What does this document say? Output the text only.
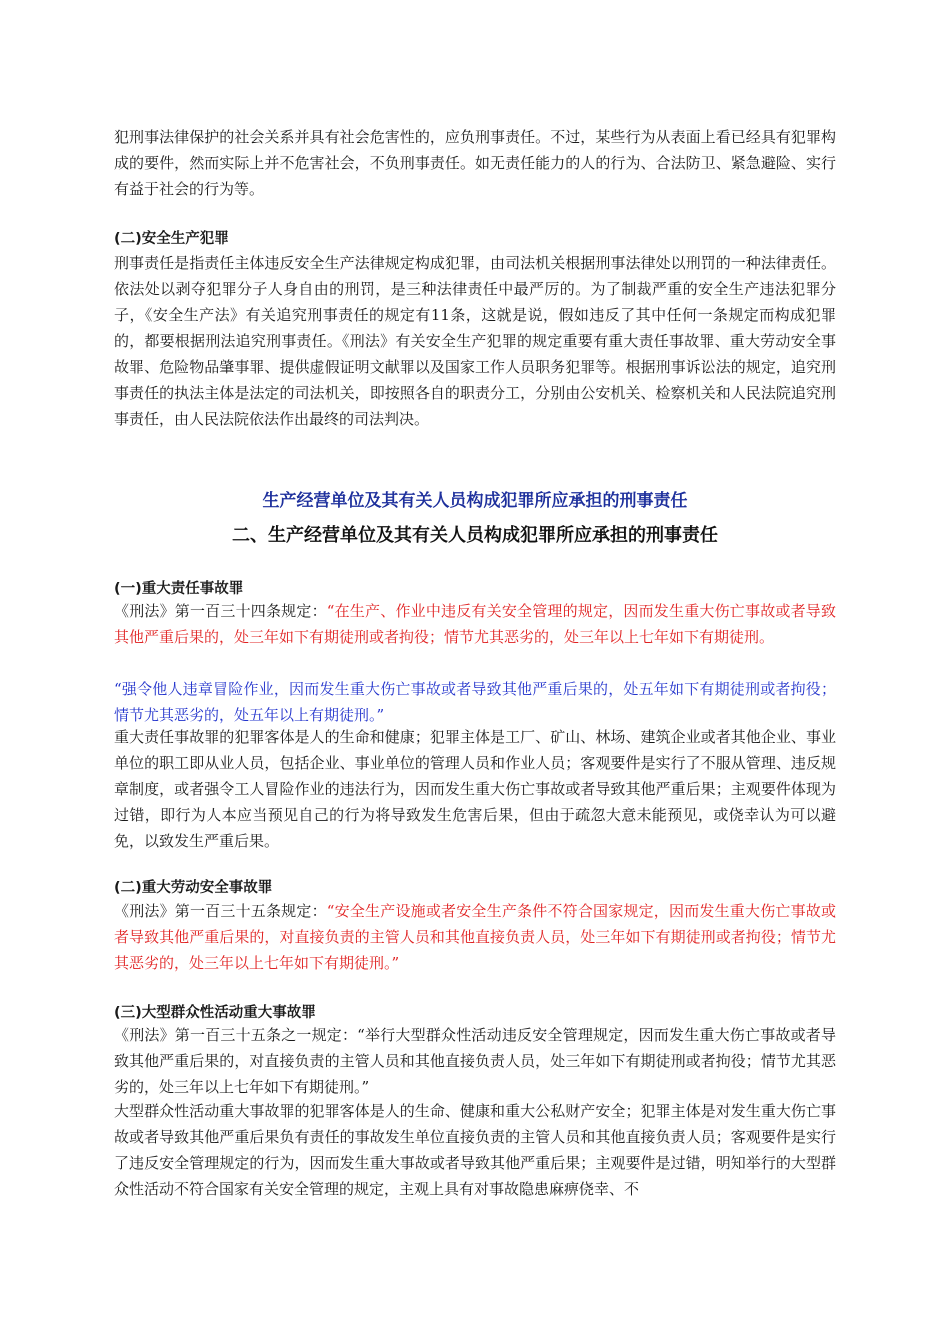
犯刑事法律保护的社会关系并具有社会危害性的，应负刑事责任。不过，某些行为从表面上看已经具有犯罪构成的要件，然而实际上并不危害社会，不负刑事责任。如无责任能力的人的行为、合法防卫、紧急避险、实行有益于社会的行为等。

(二)安全生产犯罪

刑事责任是指责任主体违反安全生产法律规定构成犯罪，由司法机关根据刑事法律处以刑罚的一种法律责任。依法处以剥夺犯罪分子人身自由的刑罚，是三种法律责任中最严厉的。为了制裁严重的安全生产违法犯罪分子，《安全生产法》有关追究刑事责任的规定有11条，这就是说，假如违反了其中任何一条规定而构成犯罪的，都要根据刑法追究刑事责任。《刑法》有关安全生产犯罪的规定重要有重大责任事故罪、重大劳动安全事故罪、危险物品肇事罪、提供虚假证明文献罪以及国家工作人员职务犯罪等。根据刑事诉讼法的规定，追究刑事责任的执法主体是法定的司法机关，即按照各自的职责分工，分别由公安机关、检察机关和人民法院追究刑事责任，由人民法院依法作出最终的司法判决。

生产经营单位及其有关人员构成犯罪所应承担的刑事责任
二、生产经营单位及其有关人员构成犯罪所应承担的刑事责任
(一)重大责任事故罪

《刑法》第一百三十四条规定：“在生产、作业中违反有关安全管理的规定，因而发生重大伤亡事故或者导致其他严重后果的，处三年如下有期徒刑或者拘役；情节尤其恶劣的，处三年以上七年如下有期徒刑。

“强令他人违章冒险作业，因而发生重大伤亡事故或者导致其他严重后果的，处五年如下有期徒刑或者拘役；情节尤其恶劣的，处五年以上有期徒刑。”

重大责任事故罪的犯罪客体是人的生命和健康；犯罪主体是工厂、矿山、林场、建筑企业或者其他企业、事业单位的职工即从业人员，包括企业、事业单位的管理人员和作业人员；客观要件是实行了不服从管理、违反规章制度，或者强令工人冒险作业的违法行为，因而发生重大伤亡事故或者导致其他严重后果；主观要件体现为过错，即行为人本应当预见自己的行为将导致发生危害后果，但由于疏忽大意未能预见，或侥幸认为可以避免，以致发生严重后果。

(二)重大劳动安全事故罪

《刑法》第一百三十五条规定：“安全生产设施或者安全生产条件不符合国家规定，因而发生重大伤亡事故或者导致其他严重后果的，对直接负责的主管人员和其他直接负责人员，处三年如下有期徒刑或者拘役；情节尤其恶劣的，处三年以上七年如下有期徒刑。”

(三)大型群众性活动重大事故罪

《刑法》第一百三十五条之一规定：“举行大型群众性活动违反安全管理规定，因而发生重大伤亡事故或者导致其他严重后果的，对直接负责的主管人员和其他直接负责人员，处三年如下有期徒刑或者拘役；情节尤其恶劣的，处三年以上七年如下有期徒刑。”

大型群众性活动重大事故罪的犯罪客体是人的生命、健康和重大公私财产安全；犯罪主体是对发生重大伤亡事故或者导致其他严重后果负有责任的事故发生单位直接负责的主管人员和其他直接负责人员；客观要件是实行了违反安全管理规定的行为，因而发生重大事故或者导致其他严重后果；主观要件是过错，明知举行的大型群众性活动不符合国家有关安全管理的规定，主观上具有对事故隐患麻痹侥幸、不
